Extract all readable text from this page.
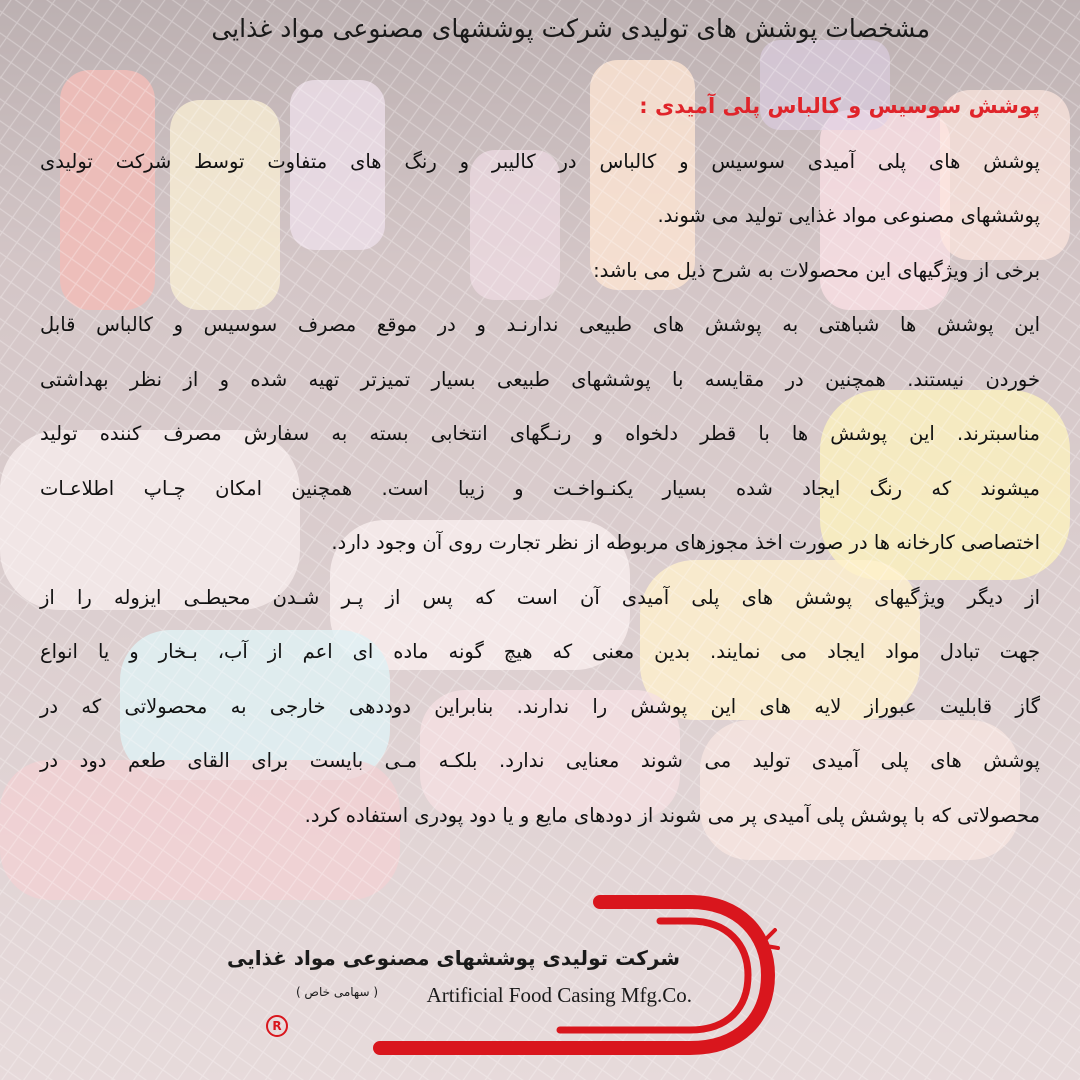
مشخصات پوشش های تولیدی شرکت پوششهای مصنوعی مواد غذایی
پوشش سوسیس و کالباس پلی آمیدی :
پوشش های پلی آمیدی سوسیس و کالباس در کالیبر و رنگ های متفاوت توسط شرکت تولیدی
پوششهای مصنوعی مواد غذایی تولید می شوند.
برخی از ویژگیهای این محصولات به شرح ذیل می باشد:
این پوشش ها شباهتی به پوشش های طبیعی ندارنـد و در موقع مصرف سوسیس و کالباس قابل
خوردن نیستند. همچنین در مقایسه با پوششهای طبیعی بسیار تمیزتر تهیه شده و از نظر بهداشتی
مناسبترند. این پوشش ها با قطر دلخواه و رنـگهای انتخابی بسته به سفارش مصرف کننده تولید
میشوند که رنگ ایجاد شده بسیار یکنـواخـت و زیبا است. همچنین امکان چـاپ اطلاعـات
اختصاصی کارخانه ها در صورت اخذ مجوزهای مربوطه از نظر تجارت روی آن وجود دارد.
از دیگر ویژگیهای پوشش های پلی آمیدی آن است که پس از پـر شـدن محیطـی ایزوله را از
جهت تبادل مواد ایجاد می نمایند. بدین معنی که هیچ گونه ماده ای اعم از آب، بـخار و یا انواع
گاز قابلیت عبوراز لایه های این پوشش را ندارند. بنابراین دوددهی خارجی به محصولاتی که در
پوشش های پلی آمیدی تولید می شوند معنایی ندارد. بلکـه مـی بایست برای القای طعم دود در
محصولاتی که با پوشش پلی آمیدی پر می شوند از دودهای مایع و یا دود پودری استفاده کرد.
شرکت تولیدی پوششهای مصنوعی مواد غذایی
Artificial Food Casing Mfg.Co.
( سهامی خاص )
R
